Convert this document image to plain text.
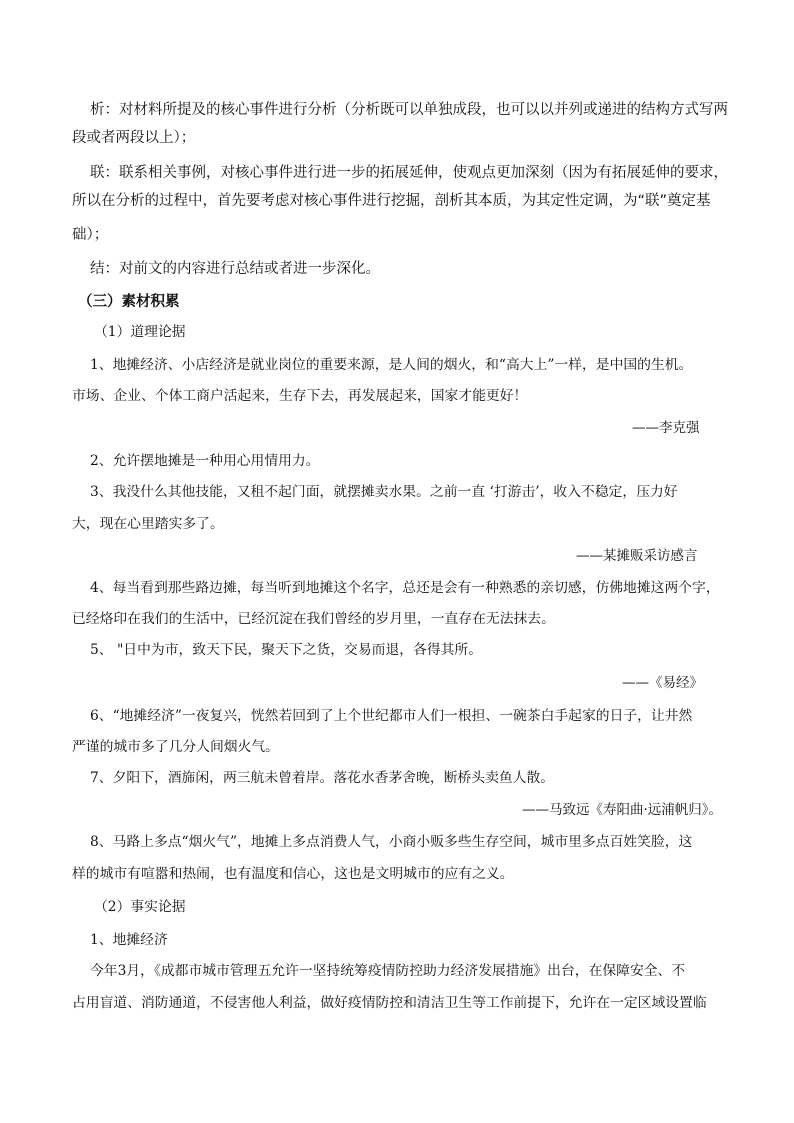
析：对材料所提及的核心事件进行分析（分析既可以单独成段，也可以以并列或递进的结构方式写两
段或者两段以上）；
联：联系相关事例，对核心事件进行进一步的拓展延伸，使观点更加深刻（因为有拓展延伸的要求，
所以在分析的过程中，首先要考虑对核心事件进行挖掘，剖析其本质，为其定性定调，为“联”奠定基
础）；
结：对前文的内容进行总结或者进一步深化。
（三）素材积累
（1）道理论据
1、地摊经济、小店经济是就业岗位的重要来源，是人间的烟火，和“高大上”一样，是中国的生机。
市场、企业、个体工商户活起来，生存下去，再发展起来，国家才能更好！
——李克强
2、允许摆地摊是一种用心用情用力。
3、我没什么其他技能，又租不起门面，就摆摊卖水果。之前一直 ‘打游击’，收入不稳定，压力好
大，现在心里踏实多了。
——某摊贩采访感言
4、每当看到那些路边摊，每当听到地摊这个名字，总还是会有一种熟悉的亲切感，仿佛地摊这两个字，
已经烙印在我们的生活中，已经沉淀在我们曾经的岁月里，一直存在无法抹去。
5、 "日中为市，致天下民，聚天下之货，交易而退，各得其所。
——《易经》
6、“地摊经济”一夜复兴，恍然若回到了上个世纪都市人们一根担、一碗茶白手起家的日子，让井然
严谨的城市多了几分人间烟火气。
7、夕阳下，酒旆闲，两三航未曾着岸。落花水香茅舍晚，断桥头卖鱼人散。
——马致远《寿阳曲·远浦帆归》。
8、马路上多点“烟火气”，地摊上多点消费人气，小商小贩多些生存空间，城市里多点百姓笑脸，这
样的城市有喧嚣和热闹，也有温度和信心，这也是文明城市的应有之义。
（2）事实论据
1、地摊经济
今年3月，《成都市城市管理五允许一坚持统筹疫情防控助力经济发展措施》出台，在保障安全、不
占用盲道、消防通道，不侵害他人利益，做好疫情防控和清洁卫生等工作前提下，允许在一定区域设置临
